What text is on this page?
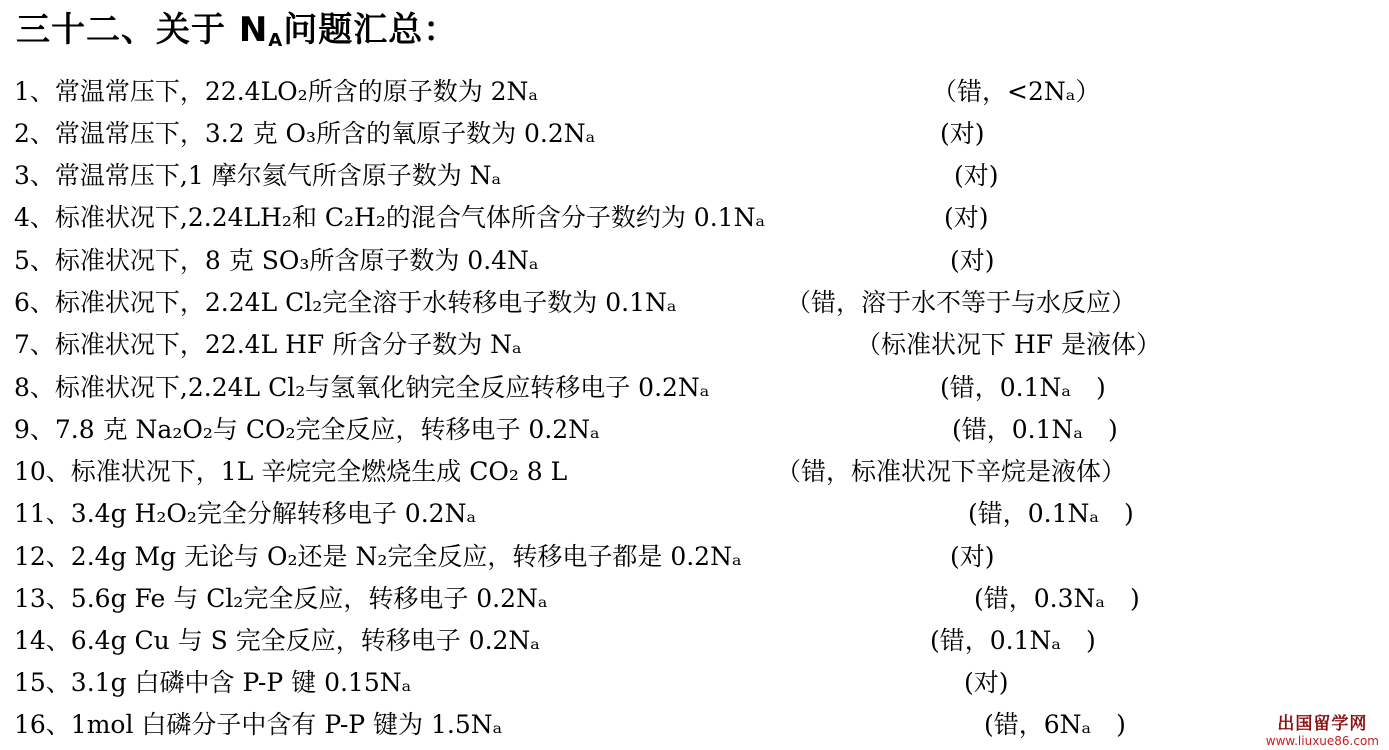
三十二、关于 $N_A$问题汇总：
1、常温常压下，22.4LO₂所含的原子数为 2Nₐ	（错，<2Nₐ）
2、常温常压下，3.2 克 O₃所含的氧原子数为 0.2Nₐ	(对)
3、常温常压下,1 摩尔氦气所含原子数为 Nₐ	(对)
4、标准状况下,2.24LH₂和 C₂H₂的混合气体所含分子数约为 0.1Nₐ	(对)
5、标准状况下，8 克 SO₃所含原子数为 0.4Nₐ	(对)
6、标准状况下，2.24L Cl₂完全溶于水转移电子数为 0.1Nₐ	（错，溶于水不等于与水反应）
7、标准状况下，22.4L HF 所含分子数为 Nₐ	（标准状况下 HF 是液体）
8、标准状况下,2.24L Cl₂与氢氧化钠完全反应转移电子 0.2Nₐ	(错，0.1Nₐ　)
9、7.8 克 Na₂O₂与 CO₂完全反应，转移电子 0.2Nₐ	(错，0.1Nₐ　)
10、标准状况下，1L 辛烷完全燃烧生成 CO₂ 8 L	（错，标准状况下辛烷是液体）
11、3.4g H₂O₂完全分解转移电子 0.2Nₐ	(错，0.1Nₐ　)
12、2.4g Mg 无论与 O₂还是 N₂完全反应，转移电子都是 0.2Nₐ	(对)
13、5.6g Fe 与 Cl₂完全反应，转移电子 0.2Nₐ	(错，0.3Nₐ　)
14、6.4g Cu 与 S 完全反应，转移电子 0.2Nₐ	(错，0.1Nₐ　)
15、3.1g 白磷中含 P-P 键 0.15Nₐ	(对)
16、1mol 白磷分子中含有 P-P 键为 1.5Nₐ	(错，6Nₐ　)	出国留学网
www.liuxue86.com
